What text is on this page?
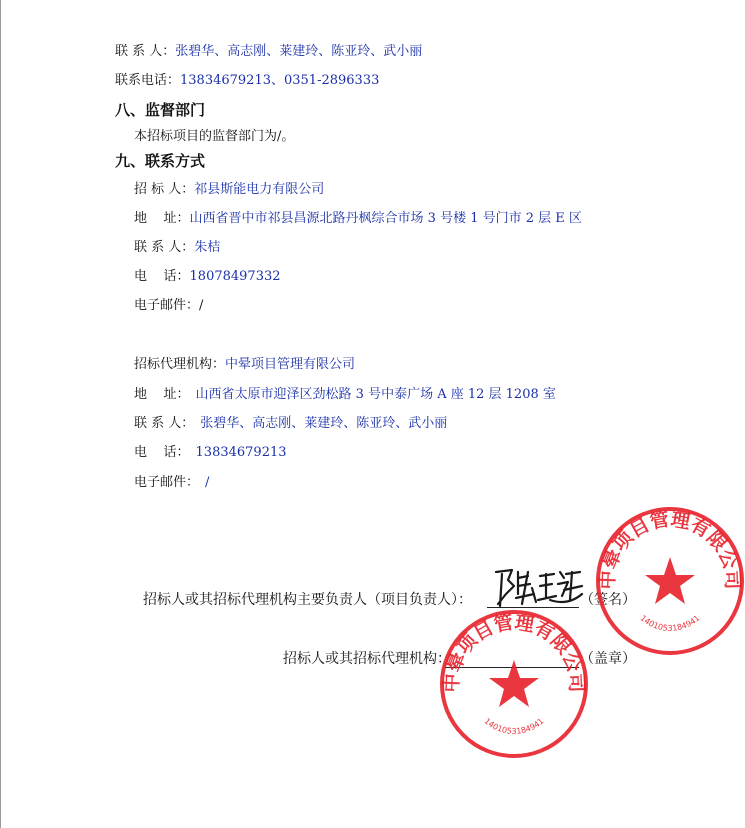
联 系 人：张碧华、高志刚、莱建玲、陈亚玲、武小丽
联系电话：13834679213、0351-2896333
八、监督部门
本招标项目的监督部门为/。
九、联系方式
招 标 人：祁县斯能电力有限公司
地    址：山西省晋中市祁县昌源北路丹枫综合市场 3 号楼 1 号门市 2 层 E 区
联 系 人：朱桔
电    话：18078497332
电子邮件：/
招标代理机构：中晕项目管理有限公司
地    址： 山西省太原市迎泽区劲松路 3 号中泰广场 A 座 12 层 1208 室
联 系 人： 张碧华、高志刚、莱建玲、陈亚玲、武小丽
电    话： 13834679213
电子邮件： /
招标人或其招标代理机构主要负责人（项目负责人）：	（签名）
招标人或其招标代理机构：	（盖章）
中晕项目管理有限公司
1401053184941
中晕项目管理有限公司
1401053184941
